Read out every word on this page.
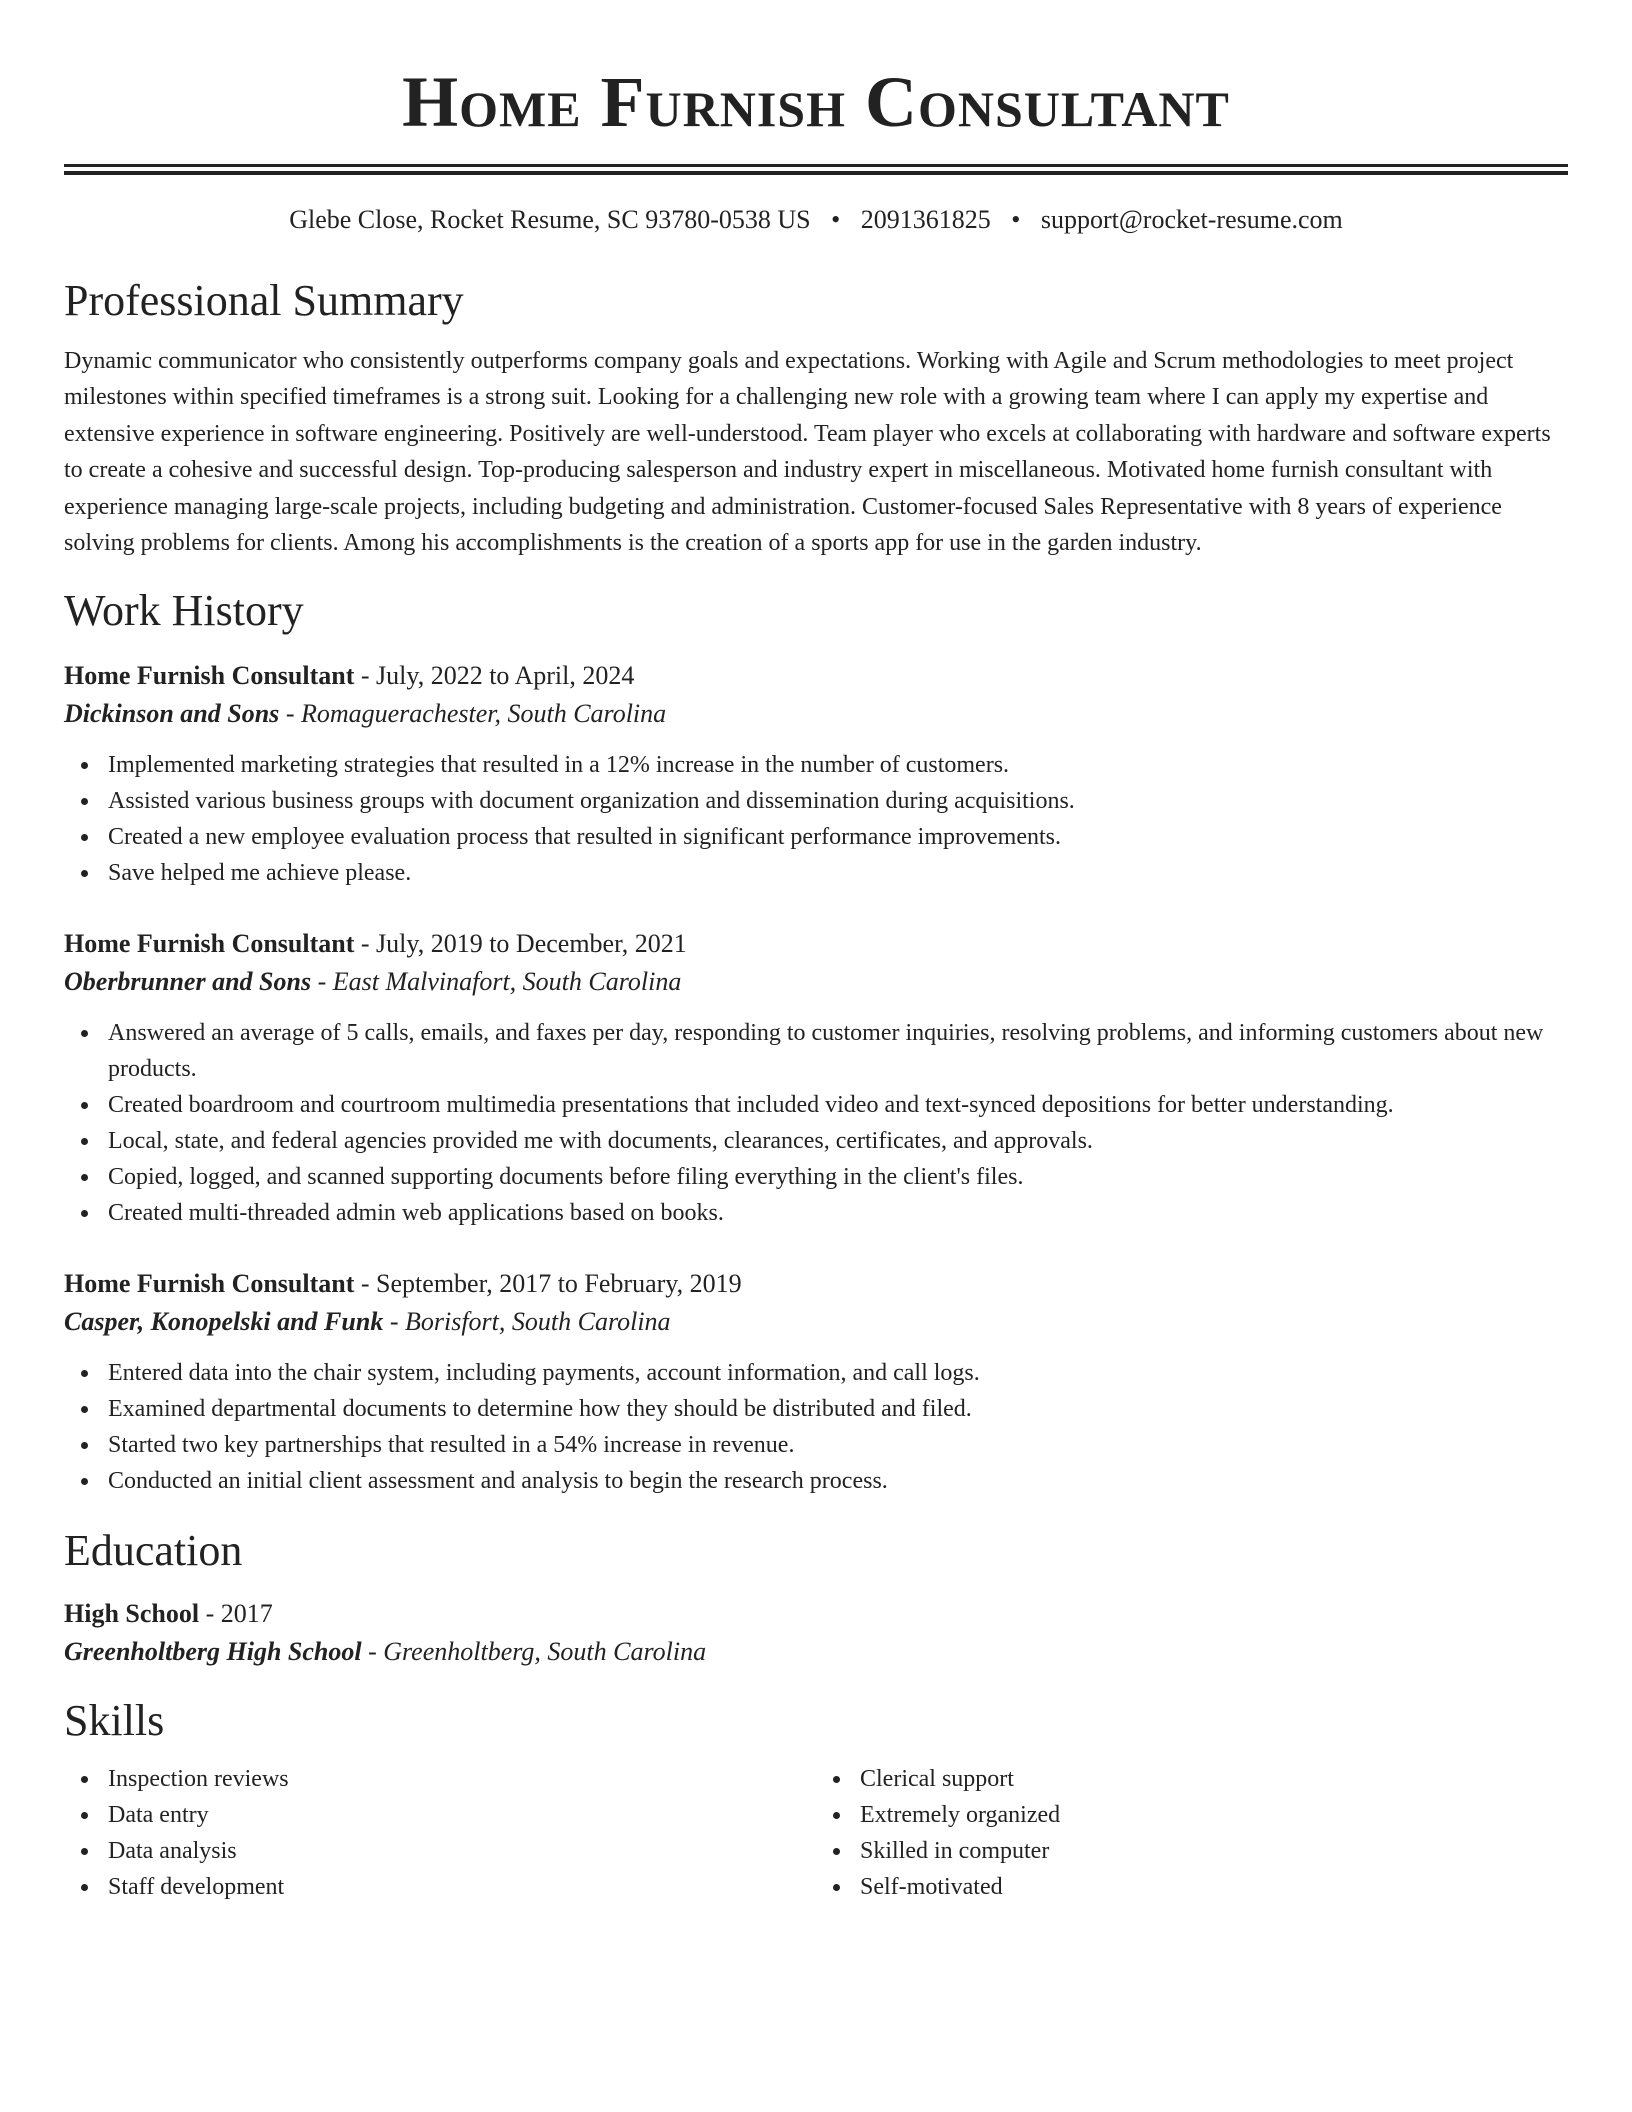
Home Furnish Consultant
Glebe Close, Rocket Resume, SC 93780-0538 US • 2091361825 • support@rocket-resume.com
Professional Summary

Dynamic communicator who consistently outperforms company goals and expectations. Working with Agile and Scrum methodologies to meet project milestones within specified timeframes is a strong suit. Looking for a challenging new role with a growing team where I can apply my expertise and extensive experience in software engineering. Positively are well-understood. Team player who excels at collaborating with hardware and software experts to create a cohesive and successful design. Top-producing salesperson and industry expert in miscellaneous. Motivated home furnish consultant with experience managing large-scale projects, including budgeting and administration. Customer-focused Sales Representative with 8 years of experience solving problems for clients. Among his accomplishments is the creation of a sports app for use in the garden industry.

Work History
Home Furnish Consultant - July, 2022 to April, 2024
Dickinson and Sons - Romaguerachester, South Carolina
Implemented marketing strategies that resulted in a 12% increase in the number of customers.
Assisted various business groups with document organization and dissemination during acquisitions.
Created a new employee evaluation process that resulted in significant performance improvements.
Save helped me achieve please.
Home Furnish Consultant - July, 2019 to December, 2021
Oberbrunner and Sons - East Malvinafort, South Carolina
Answered an average of 5 calls, emails, and faxes per day, responding to customer inquiries, resolving problems, and informing customers about new products.
Created boardroom and courtroom multimedia presentations that included video and text-synced depositions for better understanding.
Local, state, and federal agencies provided me with documents, clearances, certificates, and approvals.
Copied, logged, and scanned supporting documents before filing everything in the client's files.
Created multi-threaded admin web applications based on books.
Home Furnish Consultant - September, 2017 to February, 2019
Casper, Konopelski and Funk - Borisfort, South Carolina
Entered data into the chair system, including payments, account information, and call logs.
Examined departmental documents to determine how they should be distributed and filed.
Started two key partnerships that resulted in a 54% increase in revenue.
Conducted an initial client assessment and analysis to begin the research process.
Education
High School - 2017
Greenholtberg High School - Greenholtberg, South Carolina
Skills
Inspection reviews
Data entry
Data analysis
Staff development
Clerical support
Extremely organized
Skilled in computer
Self-motivated
